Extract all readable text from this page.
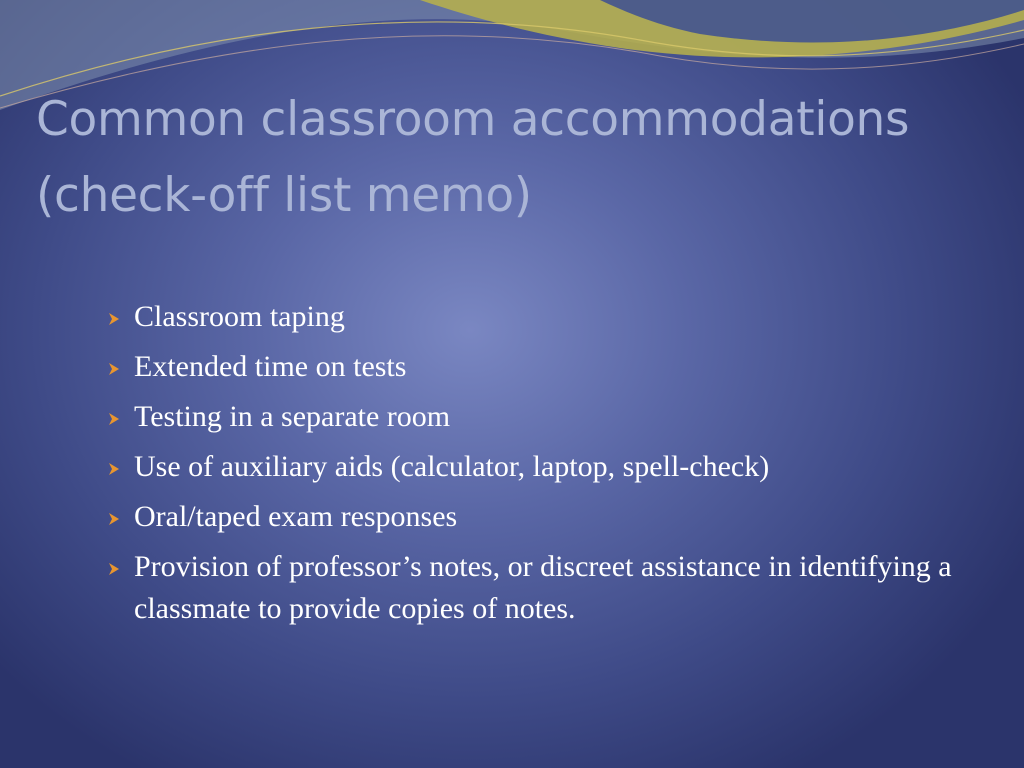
Common classroom accommodations
(check-off list memo)
Classroom taping
Extended time on tests
Testing in a separate room
Use of auxiliary aids (calculator, laptop, spell-check)
Oral/taped exam responses
Provision of professor’s notes, or discreet assistance in identifying a classmate to provide copies of notes.
